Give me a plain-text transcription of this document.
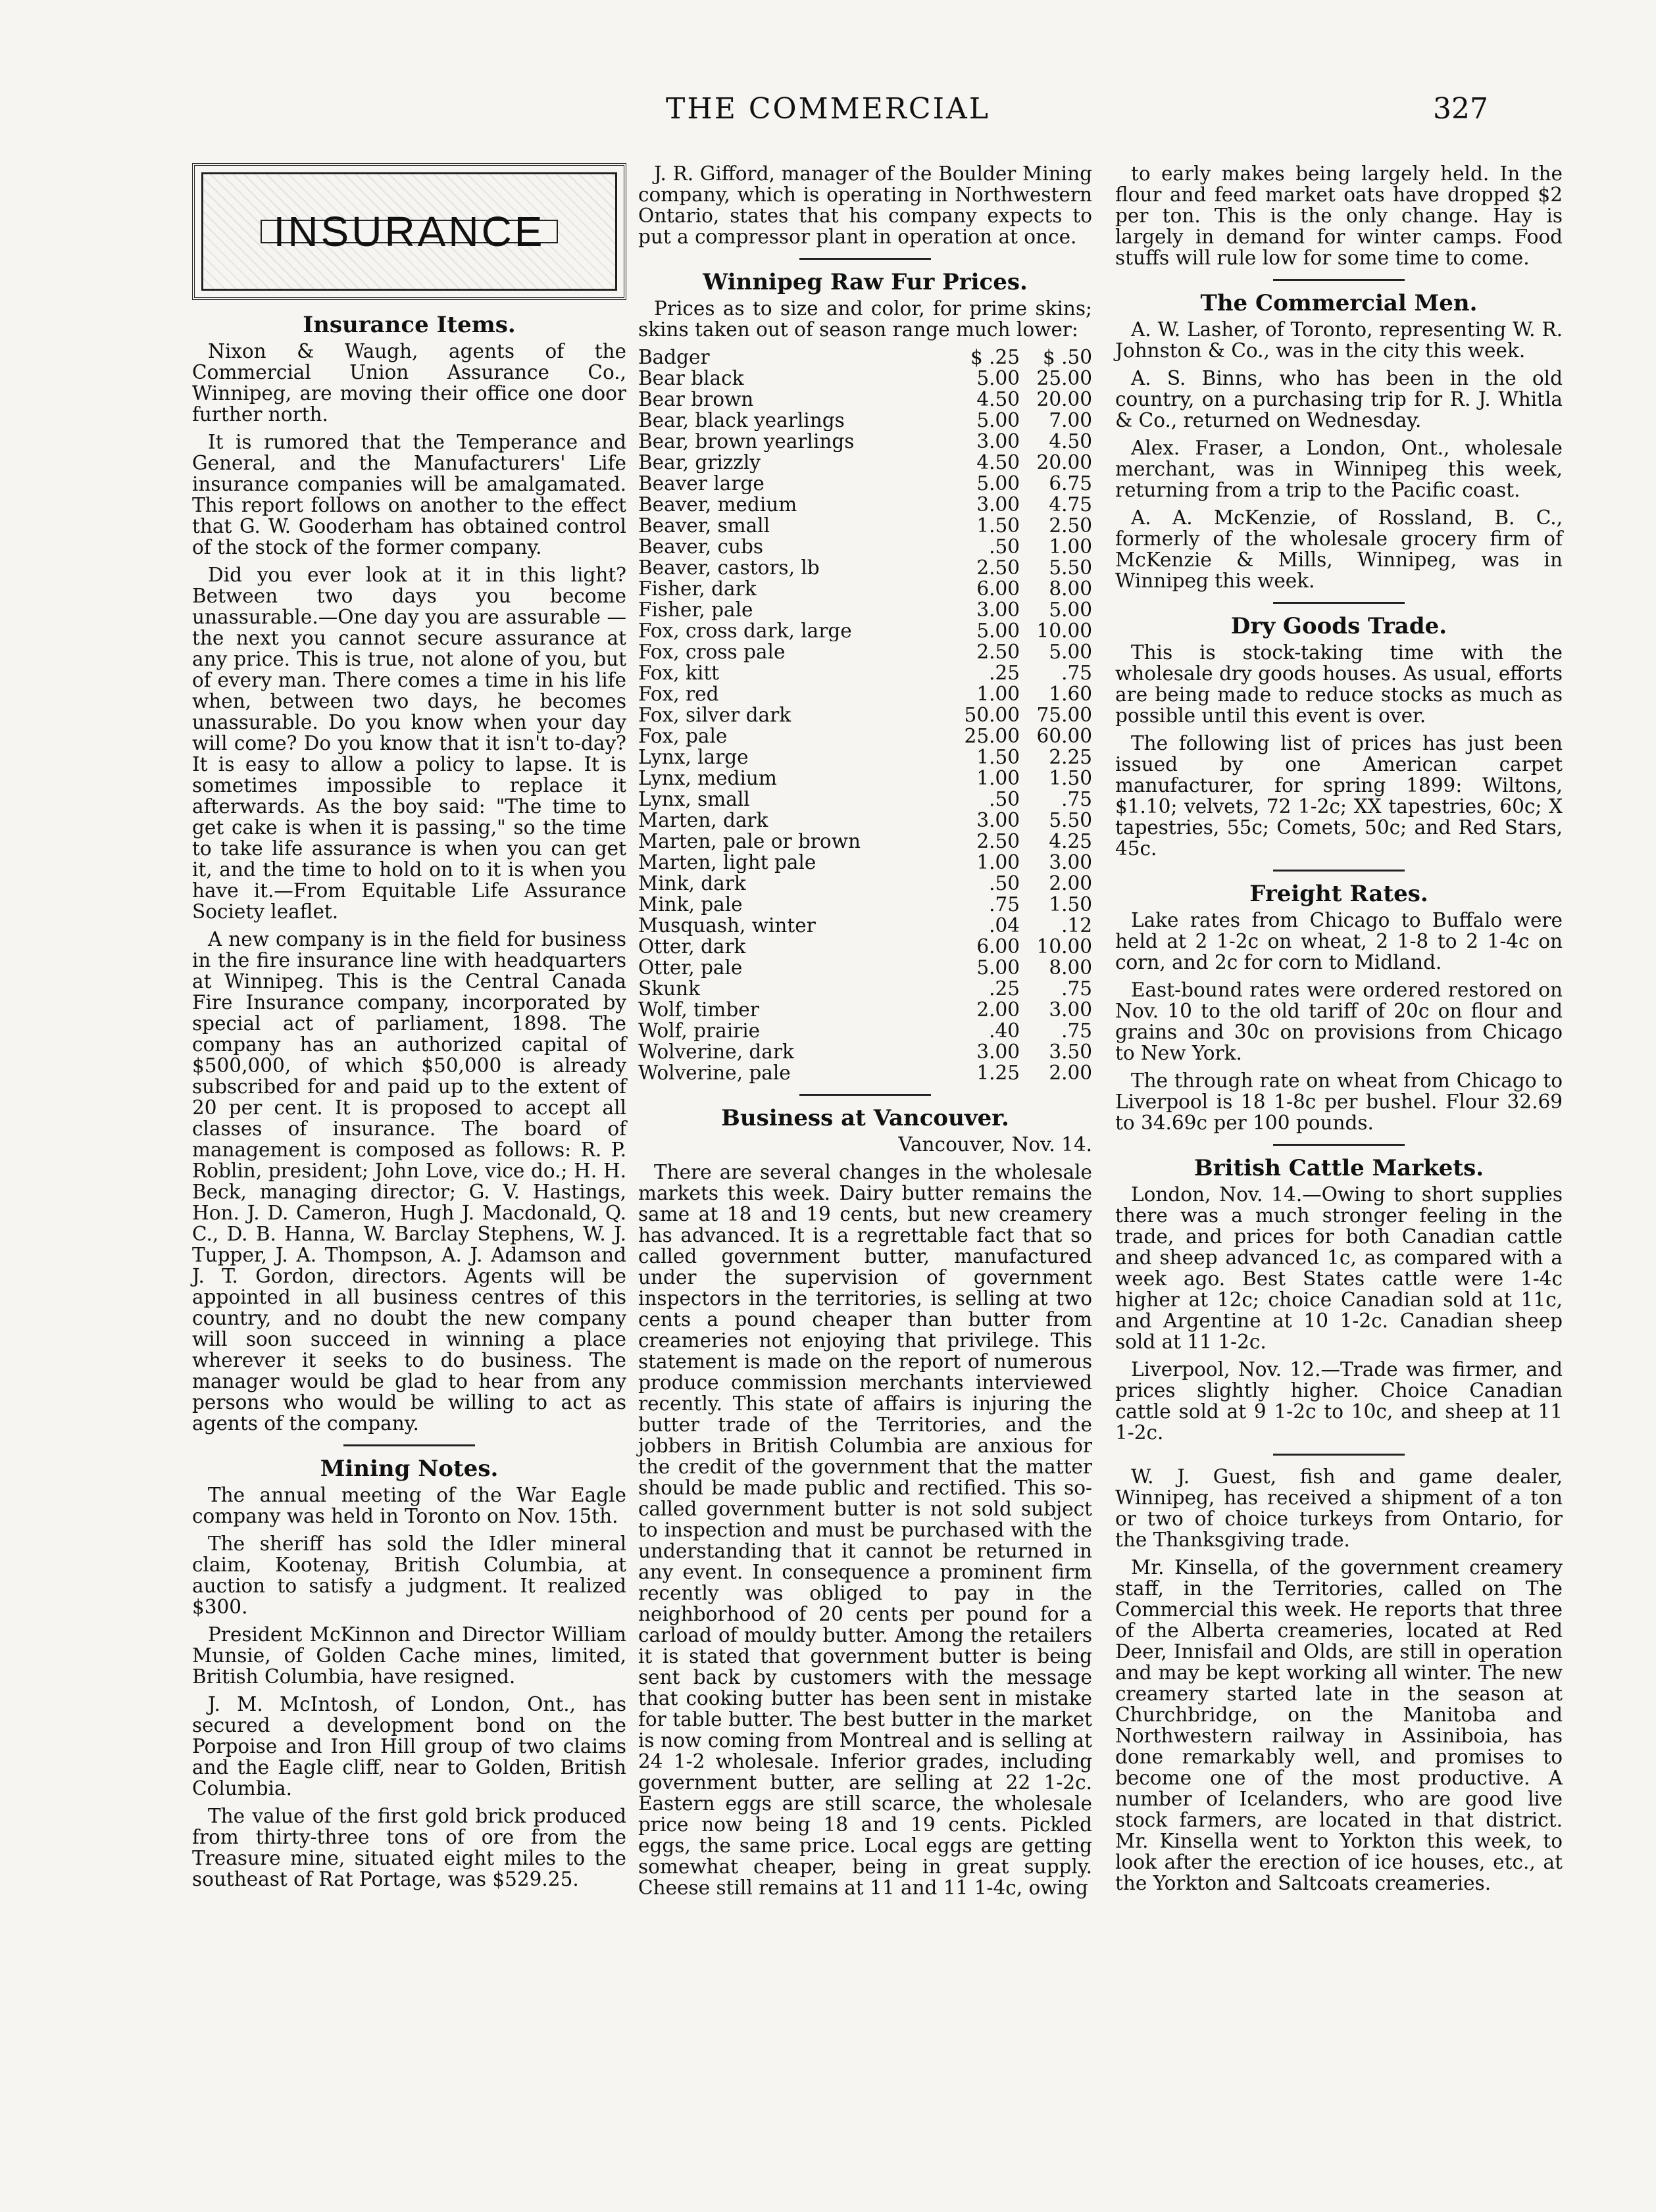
THE COMMERCIAL	327
INSURANCE
Insurance Items.

Nixon & Waugh, agents of the Commercial Union Assurance Co., Winnipeg, are moving their office one door further north.

It is rumored that the Temperance and General, and the Manufacturers' Life insurance companies will be amalgamated. This report follows on another to the effect that G. W. Gooderham has obtained control of the stock of the former company.

Did you ever look at it in this light? Between two days you become unassurable.—One day you are assurable —the next you cannot secure assurance at any price. This is true, not alone of you, but of every man. There comes a time in his life when, between two days, he becomes unassurable. Do you know when your day will come? Do you know that it isn't to-day? It is easy to allow a policy to lapse. It is sometimes impossible to replace it afterwards. As the boy said: "The time to get cake is when it is passing," so the time to take life assurance is when you can get it, and the time to hold on to it is when you have it.—From Equitable Life Assurance Society leaflet.

A new company is in the field for business in the fire insurance line with headquarters at Winnipeg. This is the Central Canada Fire Insurance company, incorporated by special act of parliament, 1898. The company has an authorized capital of $500,000, of which $50,000 is already subscribed for and paid up to the extent of 20 per cent. It is proposed to accept all classes of insurance. The board of management is composed as follows: R. P. Roblin, president; John Love, vice do.; H. H. Beck, managing director; G. V. Hastings, Hon. J. D. Cameron, Hugh J. Macdonald, Q. C., D. B. Hanna, W. Barclay Stephens, W. J. Tupper, J. A. Thompson, A. J. Adamson and J. T. Gordon, directors. Agents will be appointed in all business centres of this country, and no doubt the new company will soon succeed in winning a place wherever it seeks to do business. The manager would be glad to hear from any persons who would be willing to act as agents of the company.

Mining Notes.

The annual meeting of the War Eagle company was held in Toronto on Nov. 15th.

The sheriff has sold the Idler mineral claim, Kootenay, British Columbia, at auction to satisfy a judgment. It realized $300.

President McKinnon and Director William Munsie, of Golden Cache mines, limited, British Columbia, have resigned.

J. M. McIntosh, of London, Ont., has secured a development bond on the Porpoise and Iron Hill group of two claims and the Eagle cliff, near to Golden, British Columbia.

The value of the first gold brick produced from thirty-three tons of ore from the Treasure mine, situated eight miles to the southeast of Rat Portage, was $529.25.

J. R. Gifford, manager of the Boulder Mining company, which is operating in Northwestern Ontario, states that his company expects to put a compressor plant in operation at once.

Winnipeg Raw Fur Prices.

Prices as to size and color, for prime skins; skins taken out of season range much lower:

Badger	$ .25	$ .50
Bear black	5.00 25.00
Bear brown	4.50 20.00
Bear, black yearlings	5.00	7.00
Bear, brown yearlings	3.00	4.50
Bear, grizzly	4.50 20.00
Beaver large	5.00	6.75
Beaver, medium	3.00	4.75
Beaver, small	1.50	2.50
Beaver, cubs	.50	1.00
Beaver, castors, lb	2.50	5.50
Fisher, dark	6.00	8.00
Fisher, pale	3.00	5.00
Fox, cross dark, large	5.00 10.00
Fox, cross pale	2.50	5.00
Fox, kitt	.25	.75
Fox, red	1.00	1.60
Fox, silver dark	50.00 75.00
Fox, pale	25.00 60.00
Lynx, large	1.50	2.25
Lynx, medium	1.00	1.50
Lynx, small	.50	.75
Marten, dark	3.00	5.50
Marten, pale or brown	2.50	4.25
Marten, light pale	1.00	3.00
Mink, dark	.50	2.00
Mink, pale	.75	1.50
Musquash, winter	.04	.12
Otter, dark	6.00 10.00
Otter, pale	5.00	8.00
Skunk	.25	.75
Wolf, timber	2.00	3.00
Wolf, prairie	.40	.75
Wolverine, dark	3.00	3.50
Wolverine, pale	1.25	2.00
Business at Vancouver.
Vancouver, Nov. 14.

There are several changes in the wholesale markets this week. Dairy butter remains the same at 18 and 19 cents, but new creamery has advanced. It is a regrettable fact that so called government butter, manufactured under the supervision of government inspectors in the territories, is selling at two cents a pound cheaper than butter from creameries not enjoying that privilege. This statement is made on the report of numerous produce commission merchants interviewed recently. This state of affairs is injuring the butter trade of the Territories, and the jobbers in British Columbia are anxious for the credit of the government that the matter should be made public and rectified. This so-called government butter is not sold subject to inspection and must be purchased with the understanding that it cannot be returned in any event. In consequence a prominent firm recently was obliged to pay in the neighborhood of 20 cents per pound for a carload of mouldy butter. Among the retailers it is stated that government butter is being sent back by customers with the message that cooking butter has been sent in mistake for table butter. The best butter in the market is now coming from Montreal and is selling at 24 1-2 wholesale. Inferior grades, including government butter, are selling at 22 1-2c. Eastern eggs are still scarce, the wholesale price now being 18 and 19 cents. Pickled eggs, the same price. Local eggs are getting somewhat cheaper, being in great supply. Cheese still remains at 11 and 11 1-4c, owing

to early makes being largely held. In the flour and feed market oats have dropped $2 per ton. This is the only change. Hay is largely in demand for winter camps. Food stuffs will rule low for some time to come.

The Commercial Men.

A. W. Lasher, of Toronto, representing W. R. Johnston & Co., was in the city this week.

A. S. Binns, who has been in the old country, on a purchasing trip for R. J. Whitla & Co., returned on Wednesday.

Alex. Fraser, a London, Ont., wholesale merchant, was in Winnipeg this week, returning from a trip to the Pacific coast.

A. A. McKenzie, of Rossland, B. C., formerly of the wholesale grocery firm of McKenzie & Mills, Winnipeg, was in Winnipeg this week.

Dry Goods Trade.

This is stock-taking time with the wholesale dry goods houses. As usual, efforts are being made to reduce stocks as much as possible until this event is over.

The following list of prices has just been issued by one American carpet manufacturer, for spring 1899: Wiltons, $1.10; velvets, 72 1-2c; XX tapestries, 60c; X tapestries, 55c; Comets, 50c; and Red Stars, 45c.

Freight Rates.

Lake rates from Chicago to Buffalo were held at 2 1-2c on wheat, 2 1-8 to 2 1-4c on corn, and 2c for corn to Midland.

East-bound rates were ordered restored on Nov. 10 to the old tariff of 20c on flour and grains and 30c on provisions from Chicago to New York.

The through rate on wheat from Chicago to Liverpool is 18 1-8c per bushel. Flour 32.69 to 34.69c per 100 pounds.

British Cattle Markets.

London, Nov. 14.—Owing to short supplies there was a much stronger feeling in the trade, and prices for both Canadian cattle and sheep advanced 1c, as compared with a week ago. Best States cattle were 1-4c higher at 12c; choice Canadian sold at 11c, and Argentine at 10 1-2c. Canadian sheep sold at 11 1-2c.

Liverpool, Nov. 12.—Trade was firmer, and prices slightly higher. Choice Canadian cattle sold at 9 1-2c to 10c, and sheep at 11 1-2c.

W. J. Guest, fish and game dealer, Winnipeg, has received a shipment of a ton or two of choice turkeys from Ontario, for the Thanksgiving trade.

Mr. Kinsella, of the government creamery staff, in the Territories, called on The Commercial this week. He reports that three of the Alberta creameries, located at Red Deer, Innisfail and Olds, are still in operation and may be kept working all winter. The new creamery started late in the season at Churchbridge, on the Manitoba and Northwestern railway in Assiniboia, has done remarkably well, and promises to become one of the most productive. A number of Icelanders, who are good live stock farmers, are located in that district. Mr. Kinsella went to Yorkton this week, to look after the erection of ice houses, etc., at the Yorkton and Saltcoats creameries.
